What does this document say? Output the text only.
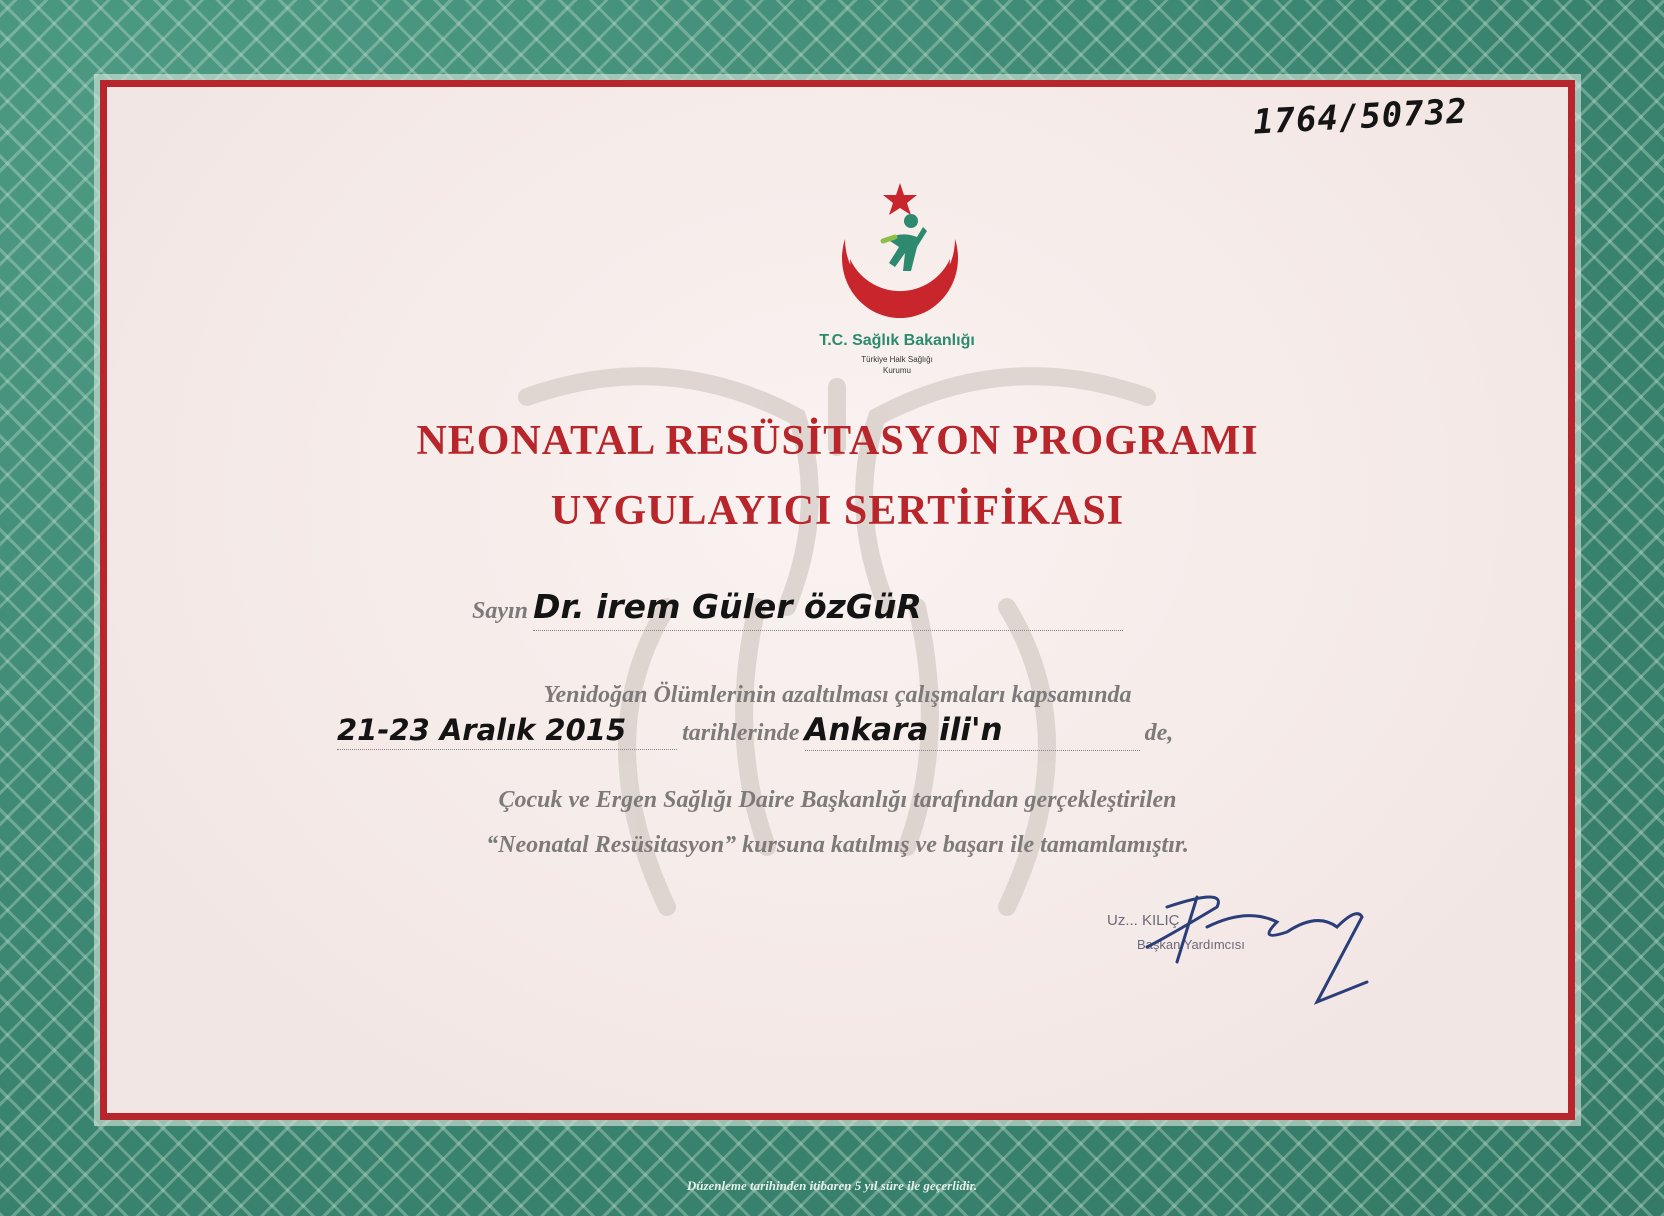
1764/50732
T.C. Sağlık Bakanlığı
Türkiye Halk Sağlığı
Kurumu
NEONATAL RESÜSİTASYON PROGRAMI
UYGULAYICI SERTİFİKASI
Sayın Dr. irem Güler özGüR
Yenidoğan Ölümlerinin azaltılması çalışmaları kapsamında
21-23 Aralık 2015 tarihlerinde Ankara ili'n	de,
Çocuk ve Ergen Sağlığı Daire Başkanlığı tarafından gerçekleştirilen
“Neonatal Resüsitasyon” kursuna katılmış ve başarı ile tamamlamıştır.
Uz... KILIÇ
Başkan Yardımcısı
Düzenleme tarihinden itibaren 5 yıl süre ile geçerlidir.
